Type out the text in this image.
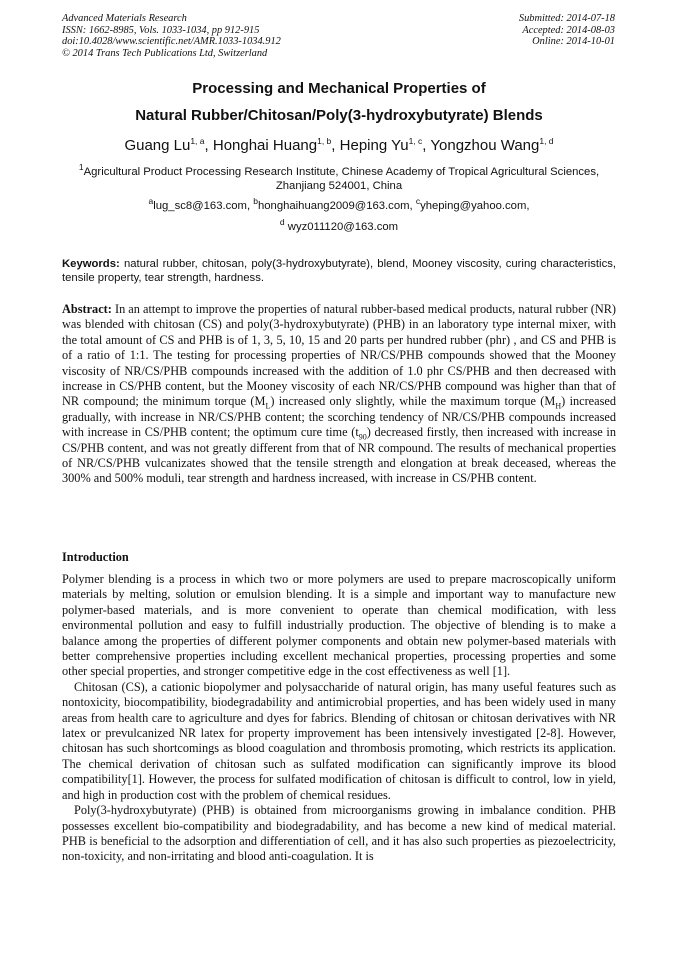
Advanced Materials Research
ISSN: 1662-8985, Vols. 1033-1034, pp 912-915
doi:10.4028/www.scientific.net/AMR.1033-1034.912
© 2014 Trans Tech Publications Ltd, Switzerland
Submitted: 2014-07-18
Accepted: 2014-08-03
Online: 2014-10-01
Processing and Mechanical Properties of
Natural Rubber/Chitosan/Poly(3-hydroxybutyrate) Blends
Guang Lu$^{1, a}$, Honghai Huang$^{1, b}$, Heping Yu$^{1, c}$, Yongzhou Wang$^{1, d}$
$^1$Agricultural Product Processing Research Institute, Chinese Academy of Tropical Agricultural Sciences, Zhanjiang 524001, China
$^a$lug_sc8@163.com, $^b$honghaihuang2009@163.com, $^c$yheping@yahoo.com,
$^d$ wyz011120@163.com
Keywords: natural rubber, chitosan, poly(3-hydroxybutyrate), blend, Mooney viscosity, curing characteristics, tensile property, tear strength, hardness.
Abstract: In an attempt to improve the properties of natural rubber-based medical products, natural rubber (NR) was blended with chitosan (CS) and poly(3-hydroxybutyrate) (PHB) in an laboratory type internal mixer, with the total amount of CS and PHB is of 1, 3, 5, 10, 15 and 20 parts per hundred rubber (phr) , and CS and PHB is of a ratio of 1:1. The testing for processing properties of NR/CS/PHB compounds showed that the Mooney viscosity of NR/CS/PHB compounds increased with the addition of 1.0 phr CS/PHB and then decreased with increase in CS/PHB content, but the Mooney viscosity of each NR/CS/PHB compound was higher than that of NR compound; the minimum torque $(M_L)$ increased only slightly, while the maximum torque $(M_H)$ increased gradually, with increase in NR/CS/PHB content; the scorching tendency of NR/CS/PHB compounds increased with increase in CS/PHB content; the optimum cure time $(t_{90})$ decreased firstly, then increased with increase in CS/PHB content, and was not greatly different from that of NR compound. The results of mechanical properties of NR/CS/PHB vulcanizates showed that the tensile strength and elongation at break deceased, whereas the 300% and 500% moduli, tear strength and hardness increased, with increase in CS/PHB content.
Introduction

Polymer blending is a process in which two or more polymers are used to prepare macroscopically uniform materials by melting, solution or emulsion blending. It is a simple and important way to manufacture new polymer-based materials, and is more convenient to operate than chemical modification, with less environmental pollution and easy to fulfill industrially production. The objective of blending is to make a balance among the properties of different polymer components and obtain new polymer-based materials with better comprehensive properties including excellent mechanical properties, processing properties and some other special properties, and stronger competitive edge in the cost effectiveness as well [1].

Chitosan (CS), a cationic biopolymer and polysaccharide of natural origin, has many useful features such as nontoxicity, biocompatibility, biodegradability and antimicrobial properties, and has been widely used in many areas from health care to agriculture and dyes for fabrics. Blending of chitosan or chitosan derivatives with NR latex or prevulcanized NR latex for property improvement has been intensively investigated [2-8]. However, chitosan has such shortcomings as blood coagulation and thrombosis promoting, which restricts its application. The chemical derivation of chitosan such as sulfated modification can significantly improve its blood compatibility[1]. However, the process for sulfated modification of chitosan is difficult to control, low in yield, and high in production cost with the problem of chemical residues.

Poly(3-hydroxybutyrate) (PHB) is obtained from microorganisms growing in imbalance condition. PHB possesses excellent bio-compatibility and biodegradability, and has become a new kind of medical material. PHB is beneficial to the adsorption and differentiation of cell, and it has also such properties as piezoelectricity, non-toxicity, and non-irritating and blood anti-coagulation. It is
